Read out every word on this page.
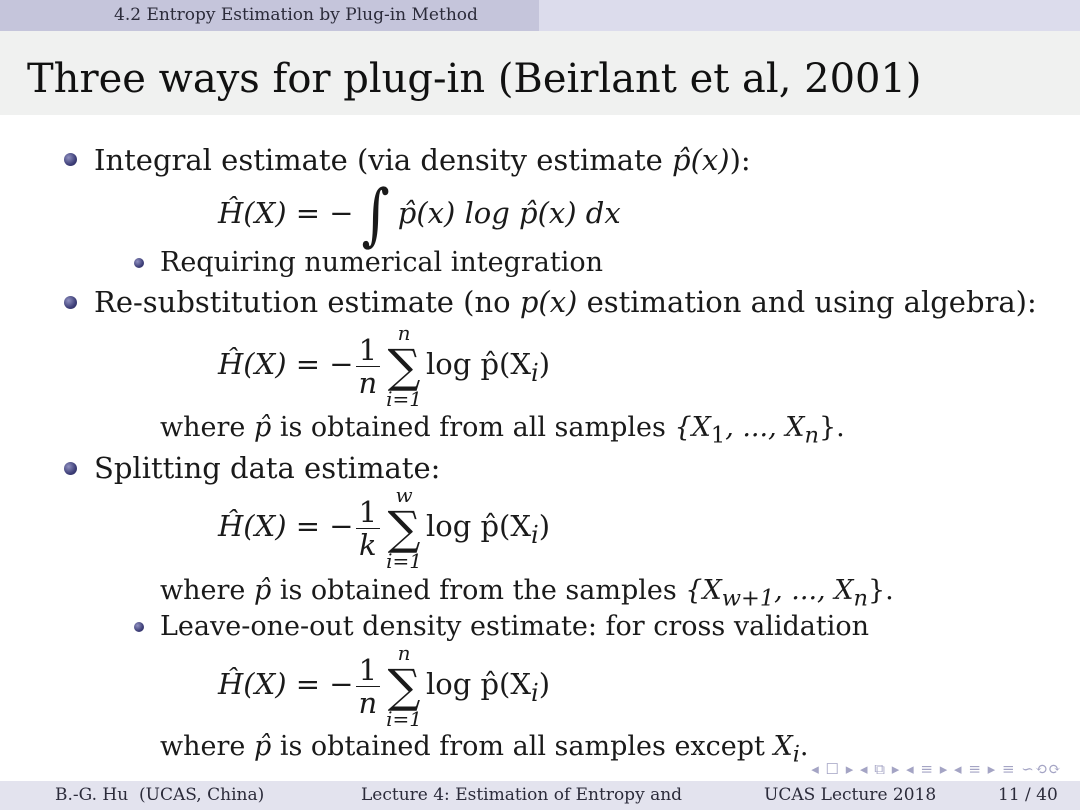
4.2 Entropy Estimation by Plug-in Method
Three ways for plug-in (Beirlant et al, 2001)
Integral estimate (via density estimate p̂(x)):
Ĥ(X) = − ∫ p̂(x) log p̂(x) dx
Requiring numerical integration
Re-substitution estimate (no p(x) estimation and using algebra):
Ĥ(X) = − $\frac{1}{n}$
n
∑
i=1
$\log p̂(X_i)$
where p̂ is obtained from all samples {$X_1$, ..., $X_n$}.
Splitting data estimate:
Ĥ(X) = − $\frac{1}{k}$
w
∑
i=1
$\log p̂(X_i)$
where p̂ is obtained from the samples {$X_{w+1}$, ..., $X_n$}.
Leave-one-out density estimate: for cross validation
Ĥ(X) = − $\frac{1}{n}$
n
∑
i=1
$\log p̂(X_i)$
where p̂ is obtained from all samples except $X_i$.
◂ ☐ ▸ ◂ ⧉ ▸ ◂ ≡ ▸ ◂ ≡ ▸ ≡ ∽⟲⟳
B.-G. Hu (UCAS, China)	Lecture 4: Estimation of Entropy and	UCAS Lecture 2018	11 / 40
